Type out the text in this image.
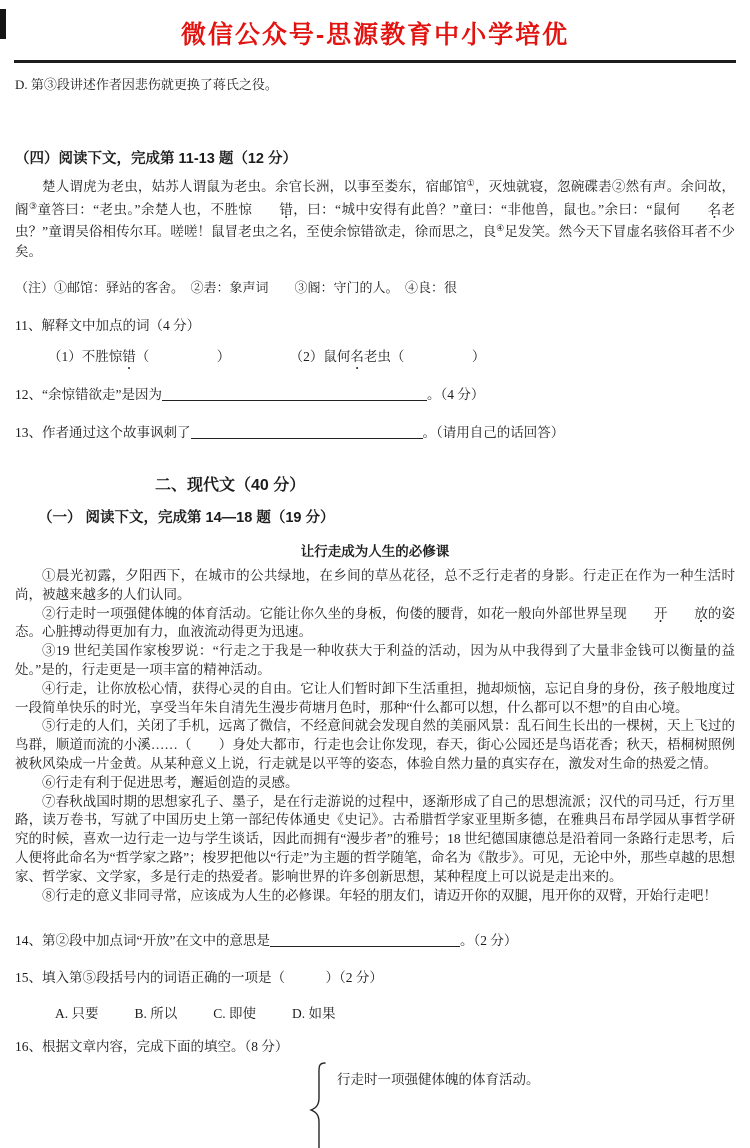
微信公众号-思源教育中小学培优

D. 第③段讲述作者因悲伤就更换了蒋氏之役。

（四）阅读下文，完成第 11-13 题（12 分）

楚人谓虎为老虫，姑苏人谓鼠为老虫。余官长洲，以事至娄东，宿邮馆①，灭烛就寝，忽碗碟砉②然有声。余问故，阍③童答曰：“老虫。”余楚人也，不胜惊 错，曰：“城中安得有此兽？”童曰：“非他兽，鼠也。”余曰：“鼠何 名老虫？”童谓吴俗相传尔耳。嗟嗟！鼠冒老虫之名，至使余惊错欲走，徐而思之，良④足发笑。然今天下冒虚名骇俗耳者不少矣。

（注）①邮馆：驿站的客舍。　②砉：象声词　　③阍：守门的人。　④良：很

11、解释文中加点的词（4 分）

（1）不胜惊错（　　　　　）	（2）鼠何名老虫（　　　　　）

12、“余惊错欲走”是因为	。（4 分）

13、作者通过这个故事讽刺了	。（请用自己的话回答）

二、现代文（40 分）
（一） 阅读下文，完成第 14—18 题（19 分）
让行走成为人生的必修课

①晨光初露，夕阳西下，在城市的公共绿地，在乡间的草丛花径，总不乏行走者的身影。行走正在作为一种生活时尚，被越来越多的人们认同。

②行走时一项强健体魄的体育活动。它能让你久坐的身板，佝偻的腰背，如花一般向外部世界呈现 开 放的姿态。心脏搏动得更加有力，血液流动得更为迅速。

③19 世纪美国作家梭罗说：“行走之于我是一种收获大于利益的活动，因为从中我得到了大量非金钱可以衡量的益处。”是的，行走更是一项丰富的精神活动。

④行走，让你放松心情，获得心灵的自由。它让人们暂时卸下生活重担，抛却烦恼，忘记自身的身份，孩子般地度过一段简单快乐的时光，享受当年朱自清先生漫步荷塘月色时，那种“什么都可以想，什么都可以不想”的自由心境。

⑤行走的人们，关闭了手机，远离了微信，不经意间就会发现自然的美丽风景：乱石间生长出的一棵树，天上飞过的鸟群，顺道而流的小溪……（　　）身处大都市，行走也会让你发现，春天，街心公园还是鸟语花香；秋天，梧桐树照例被秋风染成一片金黄。从某种意义上说，行走就是以平等的姿态，体验自然力量的真实存在，激发对生命的热爱之情。

⑥行走有利于促进思考，邂逅创造的灵感。

⑦春秋战国时期的思想家孔子、墨子，是在行走游说的过程中，逐渐形成了自己的思想流派；汉代的司马迁，行万里路，读万卷书，写就了中国历史上第一部纪传体通史《史记》。古希腊哲学家亚里斯多德，在雅典吕布昂学园从事哲学研究的时候，喜欢一边行走一边与学生谈话，因此而拥有“漫步者”的雅号；18 世纪德国康德总是沿着同一条路行走思考，后人便将此命名为“哲学家之路”；梭罗把他以“行走”为主题的哲学随笔，命名为《散步》。可见，无论中外，那些卓越的思想家、哲学家、文学家，多是行走的热爱者。影响世界的许多创新思想，某种程度上可以说是走出来的。

⑧行走的意义非同寻常，应该成为人生的必修课。年轻的朋友们，请迈开你的双腿，甩开你的双臂，开始行走吧！

14、第②段中加点词“开放”在文中的意思是	。（2 分）

15、填入第⑤段括号内的词语正确的一项是（　　　）（2 分）

A. 只要	B. 所以	C. 即使	D. 如果

16、根据文章内容，完成下面的填空。（8 分）

行走时一项强健体魄的体育活动。
